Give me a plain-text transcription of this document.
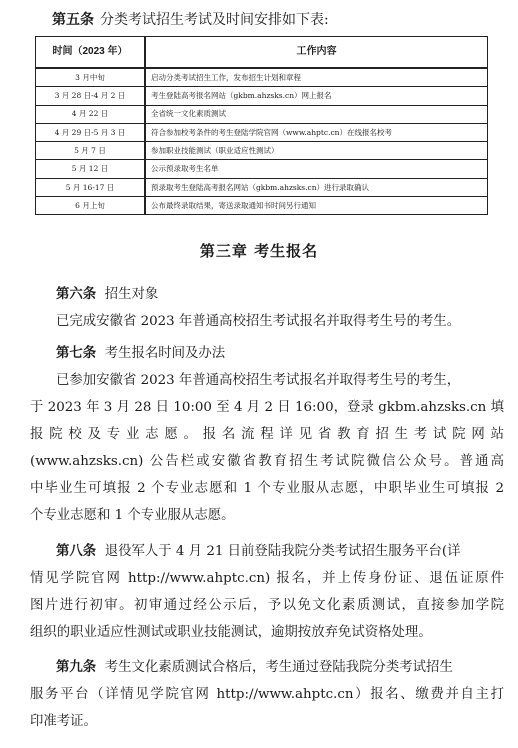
第五条 分类考试招生考试及时间安排如下表:
时间（2023 年）	工作内容
3 月中旬	启动分类考试招生工作，发布招生计划和章程
3 月 28 日-4 月 2 日	考生登陆高考报名网站（gkbm.ahzsks.cn）网上报名
4 月 22 日	全省统一文化素质测试
4 月 29 日-5 月 3 日	符合参加校考条件的考生登陆学院官网（www.ahptc.cn）在线报名校考
5 月 7 日	参加职业技能测试（职业适应性测试）
5 月 12 日	公示预录取考生名单
5 月 16-17 日	预录取考生登陆高考报名网站（gkbm.ahzsks.cn）进行录取确认
6 月上旬	公布最终录取结果，寄送录取通知书时间另行通知
第三章 考生报名
第六条 招生对象
已完成安徽省 2023 年普通高校招生考试报名并取得考生号的考生。
第七条 考生报名时间及办法
已参加安徽省 2023 年普通高校招生考试报名并取得考生号的考生，
于 2023 年 3 月 28 日 10:00 至 4 月 2 日 16:00，登录 gkbm.ahzsks.cn 填
报院校及专业志愿。报名流程详见省教育招生考试院网站
(www.ahzsks.cn) 公告栏或安徽省教育招生考试院微信公众号。普通高
中毕业生可填报 2 个专业志愿和 1 个专业服从志愿，中职毕业生可填报 2
个专业志愿和 1 个专业服从志愿。
第八条 退役军人于 4 月 21 日前登陆我院分类考试招生服务平台(详
情见学院官网 http://www.ahptc.cn) 报名，并上传身份证、退伍证原件
图片进行初审。初审通过经公示后，予以免文化素质测试，直接参加学院
组织的职业适应性测试或职业技能测试，逾期按放弃免试资格处理。
第九条 考生文化素质测试合格后，考生通过登陆我院分类考试招生
服务平台（详情见学院官网 http://www.ahptc.cn）报名、缴费并自主打
印准考证。
